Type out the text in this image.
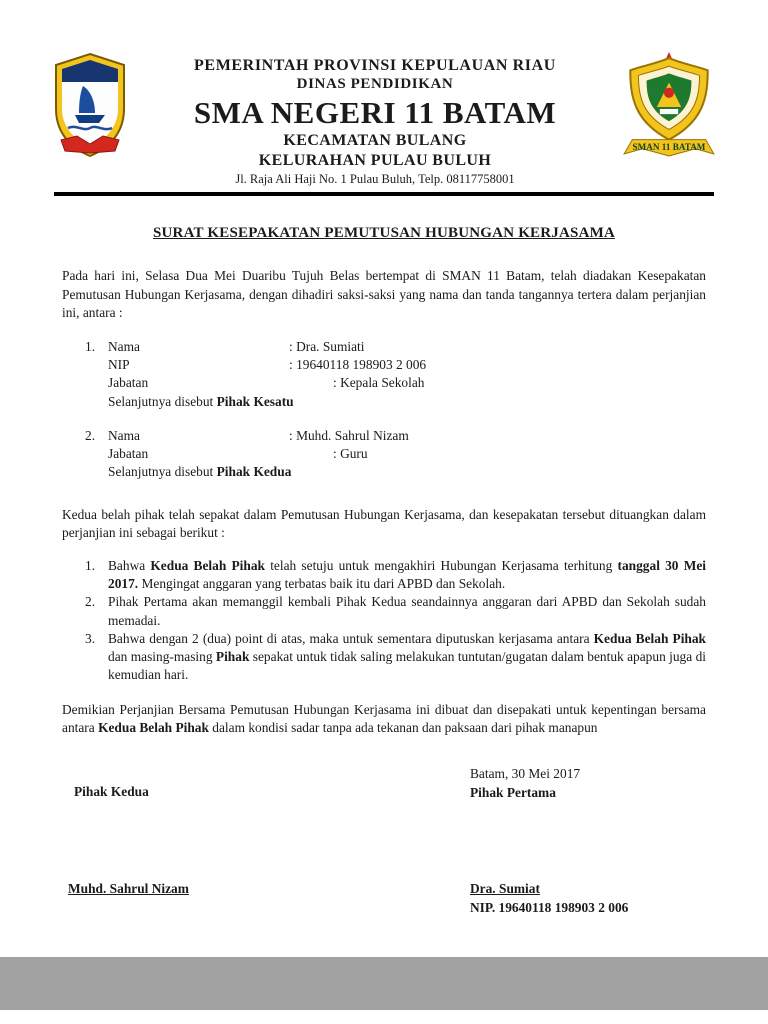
PEMERINTAH PROVINSI KEPULAUAN RIAU
DINAS PENDIDIKAN
SMA NEGERI 11 BATAM
KECAMATAN BULANG
KELURAHAN PULAU BULUH
Jl. Raja Ali Haji No. 1 Pulau Buluh, Telp. 08117758001
SMAN 11 BATAM
SURAT KESEPAKATAN PEMUTUSAN HUBUNGAN KERJASAMA

Pada hari ini, Selasa Dua Mei Duaribu Tujuh Belas bertempat di SMAN 11 Batam, telah diadakan Kesepakatan Pemutusan Hubungan Kerjasama, dengan dihadiri saksi-saksi yang nama dan tanda tangannya tertera dalam perjanjian ini, antara :

1. Nama	: Dra. Sumiati
NIP	: 19640118 198903 2 006
Jabatan	: Kepala Sekolah
Selanjutnya disebut Pihak Kesatu
2. Nama	: Muhd. Sahrul Nizam
Jabatan	: Guru
Selanjutnya disebut Pihak Kedua

Kedua belah pihak telah sepakat dalam Pemutusan Hubungan Kerjasama, dan kesepakatan tersebut dituangkan dalam perjanjian ini sebagai berikut :

1. Bahwa Kedua Belah Pihak telah setuju untuk mengakhiri Hubungan Kerjasama terhitung tanggal 30 Mei 2017. Mengingat anggaran yang terbatas baik itu dari APBD dan Sekolah.
2. Pihak Pertama akan memanggil kembali Pihak Kedua seandainnya anggaran dari APBD dan Sekolah sudah memadai.
3. Bahwa dengan 2 (dua) point di atas, maka untuk sementara diputuskan kerjasama antara Kedua Belah Pihak dan masing-masing Pihak sepakat untuk tidak saling melakukan tuntutan/gugatan dalam bentuk apapun juga di kemudian hari.

Demikian Perjanjian Bersama Pemutusan Hubungan Kerjasama ini dibuat dan disepakati untuk kepentingan bersama antara Kedua Belah Pihak dalam kondisi sadar tanpa ada tekanan dan paksaan dari pihak manapun

Pihak Kedua
Batam, 30 Mei 2017
Pihak Pertama
Muhd. Sahrul Nizam	Dra. Sumiat
NIP. 19640118 198903 2 006
